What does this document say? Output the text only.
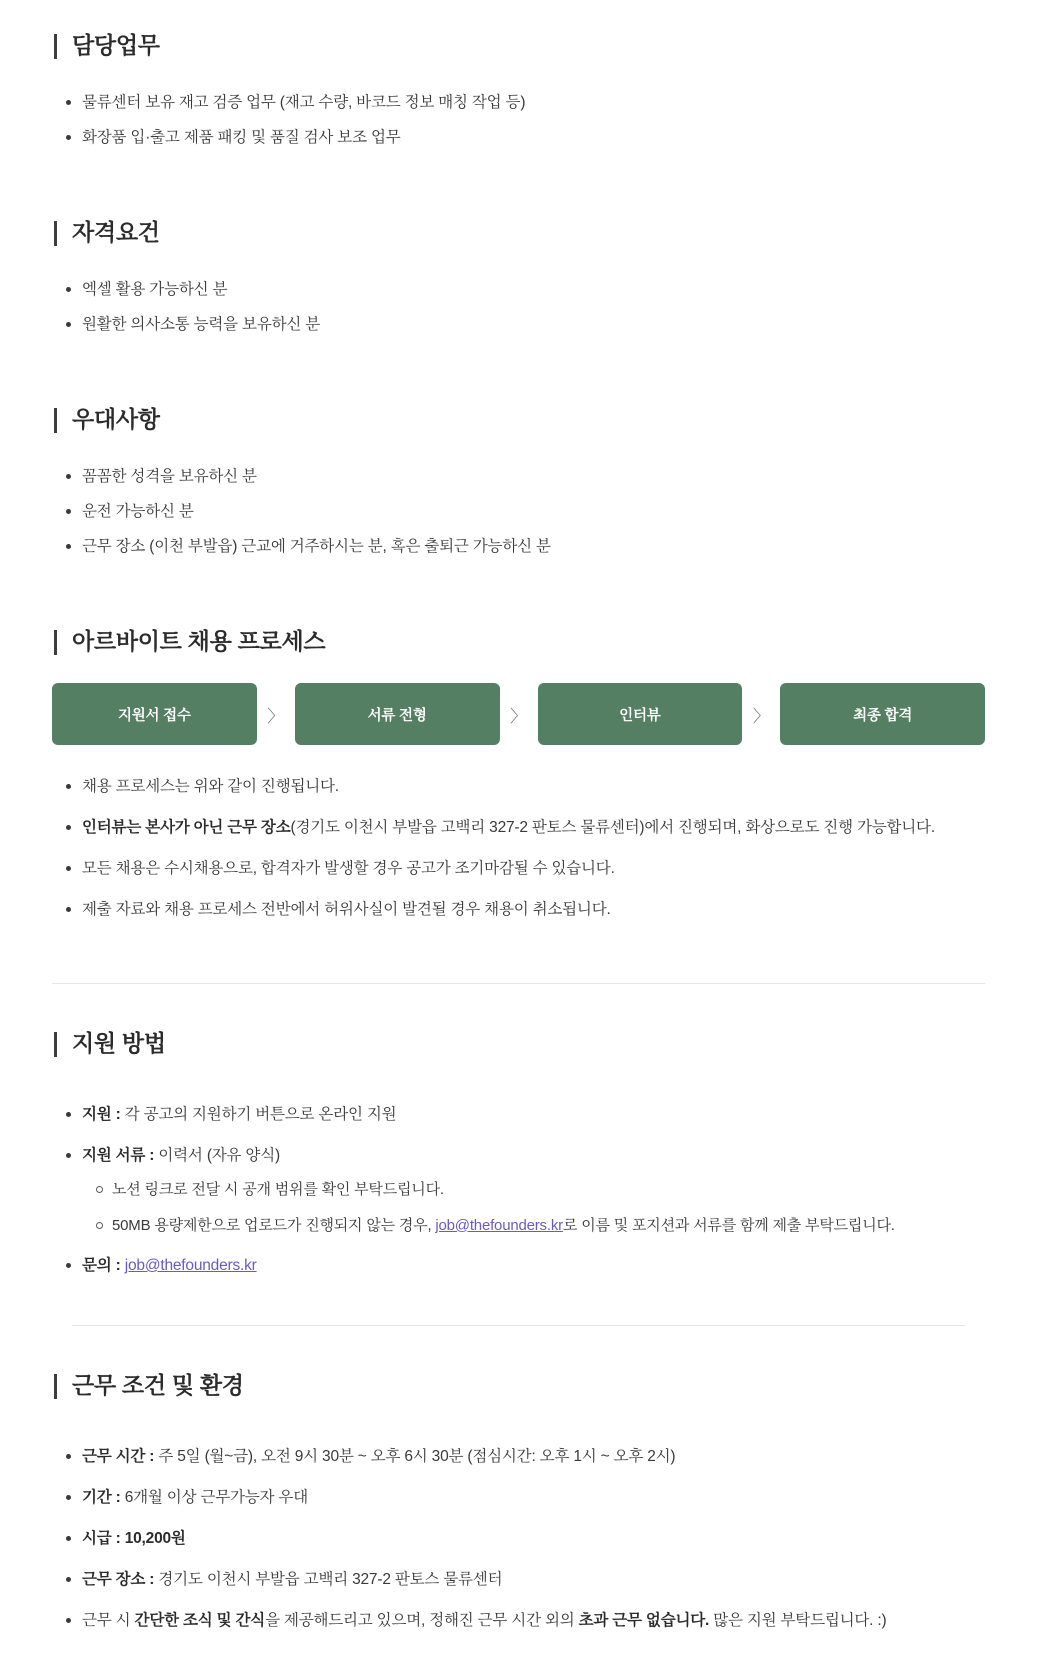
담당업무
물류센터 보유 재고 검증 업무 (재고 수량, 바코드 정보 매칭 작업 등)
화장품 입·출고 제품 패킹 및 품질 검사 보조 업무
자격요건
엑셀 활용 가능하신 분
원활한 의사소통 능력을 보유하신 분
우대사항
꼼꼼한 성격을 보유하신 분
운전 가능하신 분
근무 장소 (이천 부발읍) 근교에 거주하시는 분, 혹은 출퇴근 가능하신 분
아르바이트 채용 프로세스
지원서 접수	〉	서류 전형	〉	인터뷰	〉	최종 합격
채용 프로세스는 위와 같이 진행됩니다.
인터뷰는 본사가 아닌 근무 장소(경기도 이천시 부발읍 고백리 327-2 판토스 물류센터)에서 진행되며, 화상으로도 진행 가능합니다.
모든 채용은 수시채용으로, 합격자가 발생할 경우 공고가 조기마감될 수 있습니다.
제출 자료와 채용 프로세스 전반에서 허위사실이 발견될 경우 채용이 취소됩니다.
지원 방법
지원 : 각 공고의 지원하기 버튼으로 온라인 지원
지원 서류 : 이력서 (자유 양식)
노션 링크로 전달 시 공개 범위를 확인 부탁드립니다.
50MB 용량제한으로 업로드가 진행되지 않는 경우, job@thefounders.kr로 이름 및 포지션과 서류를 함께 제출 부탁드립니다.
문의 : job@thefounders.kr
근무 조건 및 환경
근무 시간 : 주 5일 (월~금), 오전 9시 30분 ~ 오후 6시 30분 (점심시간: 오후 1시 ~ 오후 2시)
기간 : 6개월 이상 근무가능자 우대
시급 : 10,200원
근무 장소 : 경기도 이천시 부발읍 고백리 327-2 판토스 물류센터
근무 시 간단한 조식 및 간식을 제공해드리고 있으며, 정해진 근무 시간 외의 초과 근무 없습니다. 많은 지원 부탁드립니다. :)
